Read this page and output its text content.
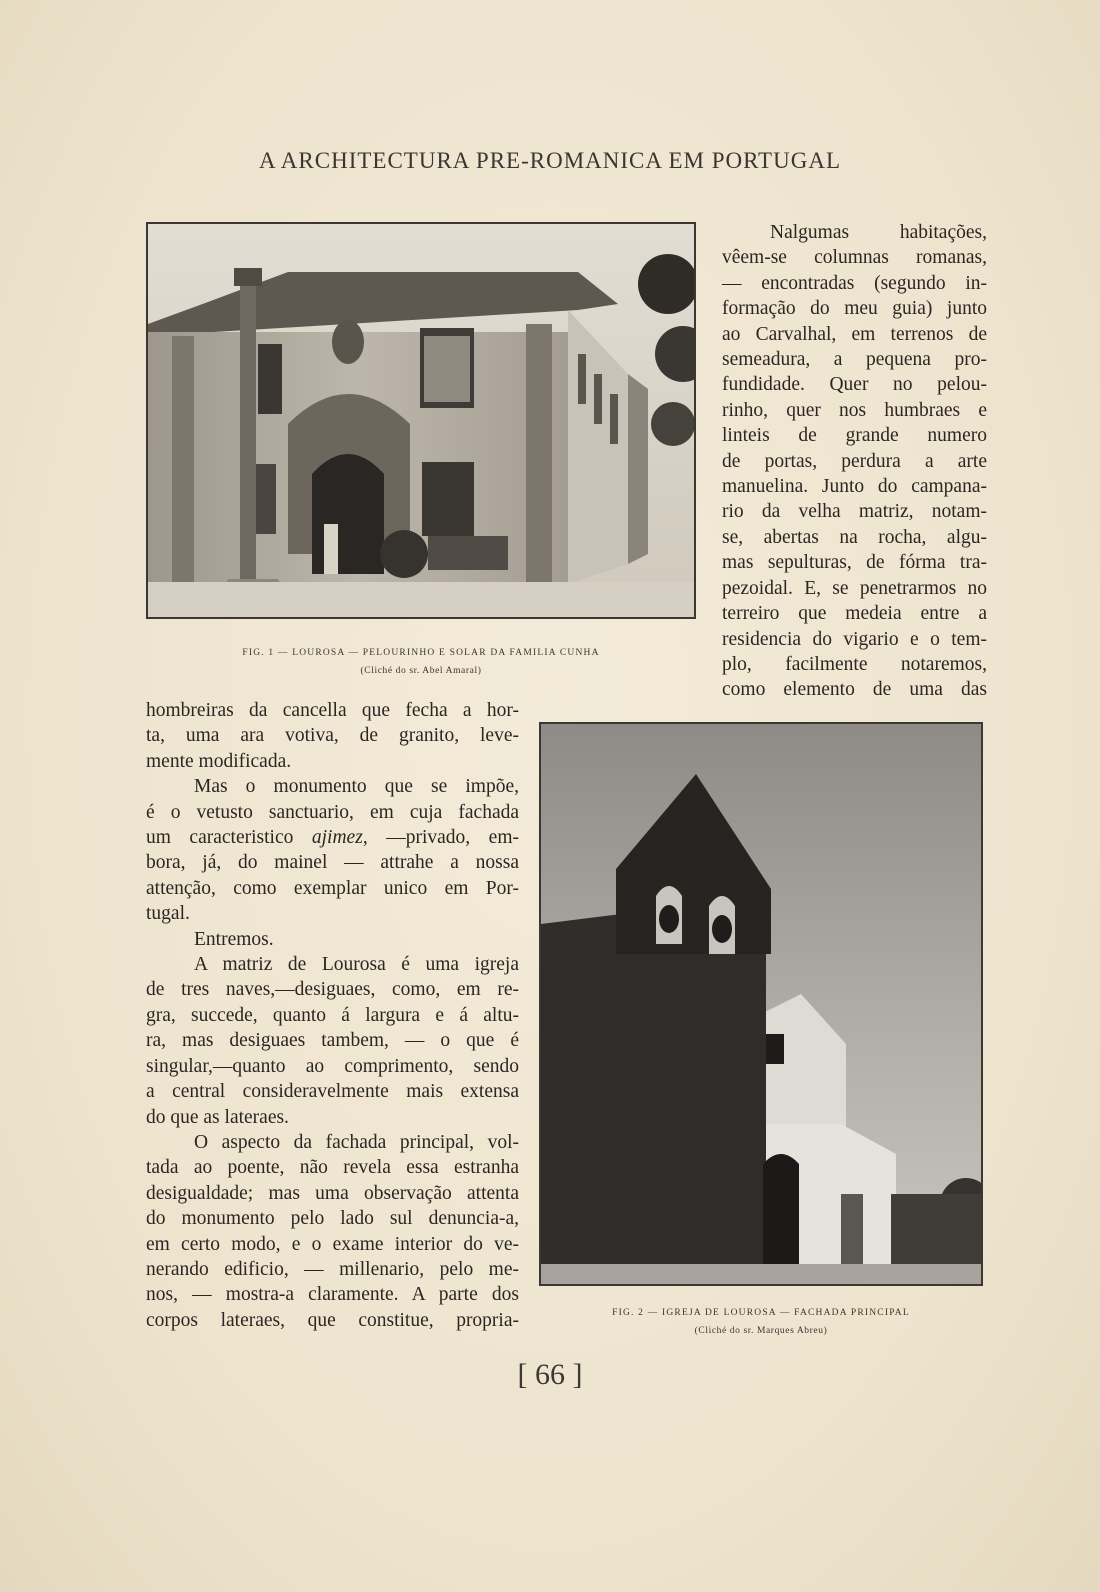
A ARCHITECTURA PRE-ROMANICA EM PORTUGAL
FIG. 1 — LOUROSA — PELOURINHO E SOLAR DA FAMILIA CUNHA
(Cliché do sr. Abel Amaral)
Nalgumas habitações,
vêem-se columnas romanas,
— encontradas (segundo in-
formação do meu guia) junto
ao Carvalhal, em terrenos de
semeadura, a pequena pro-
fundidade. Quer no pelou-
rinho, quer nos humbraes e
linteis de grande numero
de portas, perdura a arte
manuelina. Junto do campana-
rio da velha matriz, notam-
se, abertas na rocha, algu-
mas sepulturas, de fórma tra-
pezoidal. E, se penetrarmos no
terreiro que medeia entre a
residencia do vigario e o tem-
plo, facilmente notaremos,
como elemento de uma das
hombreiras da cancella que fecha a hor-
ta, uma ara votiva, de granito, leve-
mente modificada.
Mas o monumento que se impõe,
é o vetusto sanctuario, em cuja fachada
um caracteristico ajimez, —privado, em-
bora, já, do mainel — attrahe a nossa
attenção, como exemplar unico em Por-
tugal.
Entremos.
A matriz de Lourosa é uma igreja
de tres naves,—desiguaes, como, em re-
gra, succede, quanto á largura e á altu-
ra, mas desiguaes tambem, — o que é
singular,—quanto ao comprimento, sendo
a central consideravelmente mais extensa
do que as lateraes.
O aspecto da fachada principal, vol-
tada ao poente, não revela essa estranha
desigualdade; mas uma observação attenta
do monumento pelo lado sul denuncia-a,
em certo modo, e o exame interior do ve-
nerando edificio, — millenario, pelo me-
nos, — mostra-a claramente. A parte dos
corpos lateraes, que constitue, propria-	FIG. 2 — IGREJA DE LOUROSA — FACHADA PRINCIPAL
(Cliché do sr. Marques Abreu)
[ 66 ]
